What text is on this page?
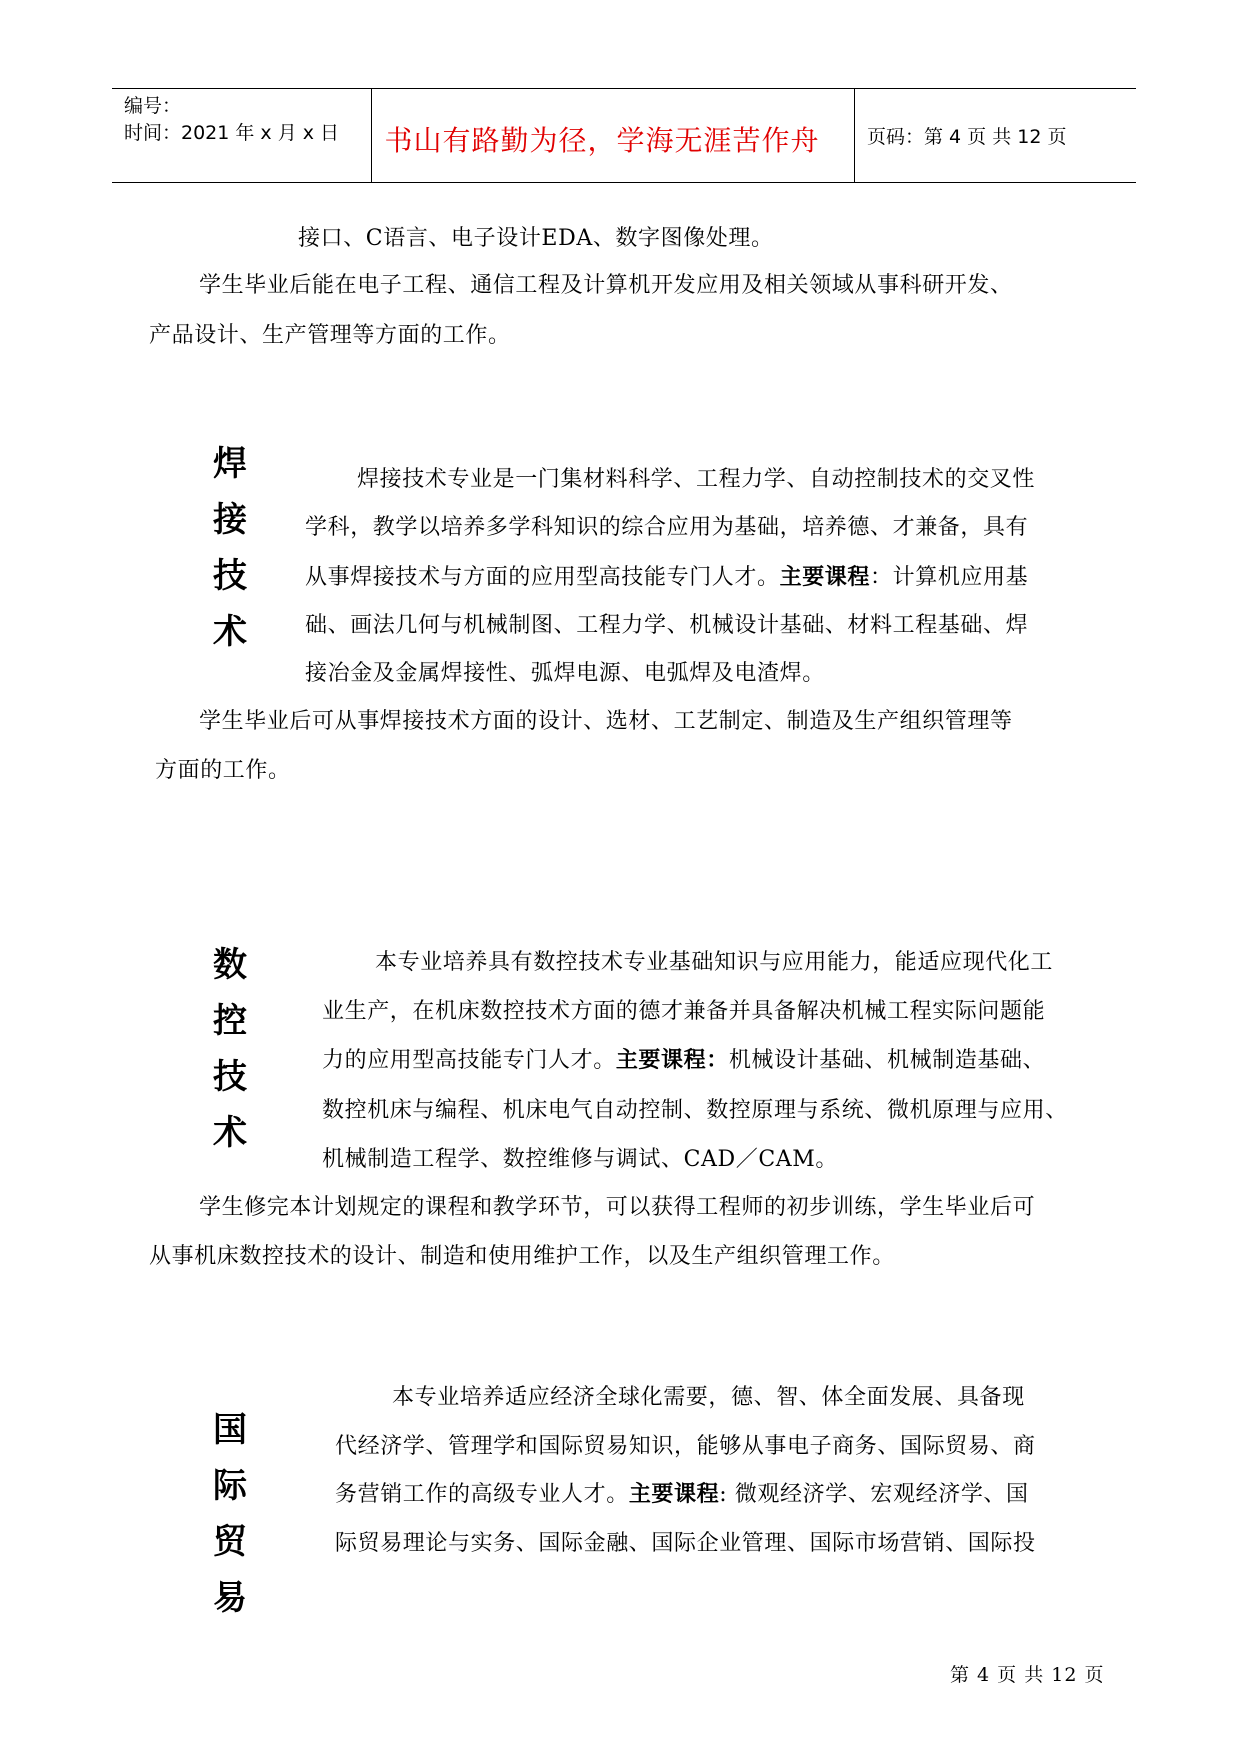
编号：
时间：2021 年 x 月 x 日	书山有路勤为径，学海无涯苦作舟	页码：第 4 页 共 12 页
接口、C语言、电子设计EDA、数字图像处理。
学生毕业后能在电子工程、通信工程及计算机开发应用及相关领域从事科研开发、
产品设计、生产管理等方面的工作。
焊
接
技
术
焊接技术专业是一门集材料科学、工程力学、自动控制技术的交叉性
学科，教学以培养多学科知识的综合应用为基础，培养德、才兼备，具有
从事焊接技术与方面的应用型高技能专门人才。主要课程：计算机应用基
础、画法几何与机械制图、工程力学、机械设计基础、材料工程基础、焊
接冶金及金属焊接性、弧焊电源、电弧焊及电渣焊。
学生毕业后可从事焊接技术方面的设计、选材、工艺制定、制造及生产组织管理等
方面的工作。
数
控
技
术
本专业培养具有数控技术专业基础知识与应用能力，能适应现代化工
业生产，在机床数控技术方面的德才兼备并具备解决机械工程实际问题能
力的应用型高技能专门人才。主要课程：机械设计基础、机械制造基础、
数控机床与编程、机床电气自动控制、数控原理与系统、微机原理与应用、
机械制造工程学、数控维修与调试、CAD／CAM。
学生修完本计划规定的课程和教学环节，可以获得工程师的初步训练，学生毕业后可
从事机床数控技术的设计、制造和使用维护工作，以及生产组织管理工作。
国
际
贸
易
本专业培养适应经济全球化需要，德、智、体全面发展、具备现
代经济学、管理学和国际贸易知识，能够从事电子商务、国际贸易、商
务营销工作的高级专业人才。主要课程: 微观经济学、宏观经济学、国
际贸易理论与实务、国际金融、国际企业管理、国际市场营销、国际投
第 4 页 共 12 页
